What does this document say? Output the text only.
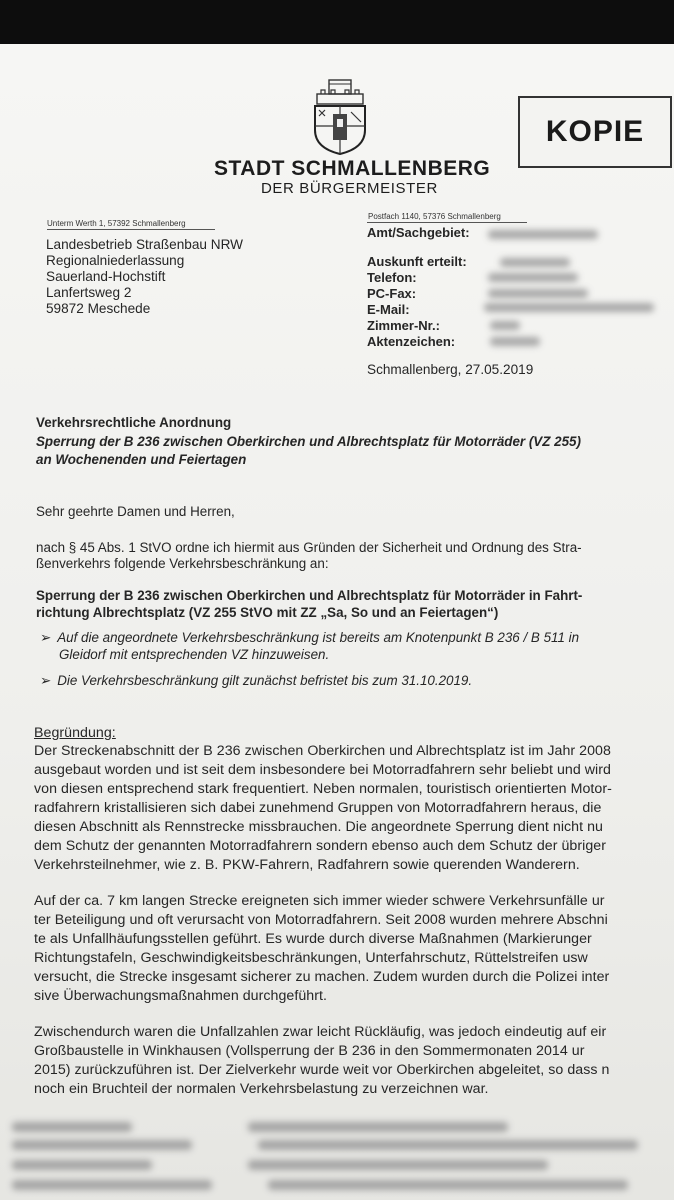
KOPIE
STADT SCHMALLENBERG
DER BÜRGERMEISTER
Unterm Werth 1, 57392 Schmallenberg
Postfach 1140, 57376 Schmallenberg
Landesbetrieb Straßenbau NRW
Regionalniederlassung
Sauerland-Hochstift
Lanfertsweg 2
59872 Meschede
Amt/Sachgebiet:
Auskunft erteilt:
Telefon:
PC-Fax:
E-Mail:
Zimmer-Nr.:
Aktenzeichen:
Schmallenberg, 27.05.2019
Verkehrsrechtliche Anordnung
Sperrung der B 236 zwischen Oberkirchen und Albrechtsplatz für Motorräder (VZ 255)
an Wochenenden und Feiertagen
Sehr geehrte Damen und Herren,
nach § 45 Abs. 1 StVO ordne ich hiermit aus Gründen der Sicherheit und Ordnung des Stra-
ßenverkehrs folgende Verkehrsbeschränkung an:
Sperrung der B 236 zwischen Oberkirchen und Albrechtsplatz für Motorräder in Fahrt-
richtung Albrechtsplatz (VZ 255 StVO mit ZZ „Sa, So und an Feiertagen“)
➢ Auf die angeordnete Verkehrsbeschränkung ist bereits am Knotenpunkt B 236 / B 511 in
Gleidorf mit entsprechenden VZ hinzuweisen.
➢ Die Verkehrsbeschränkung gilt zunächst befristet bis zum 31.10.2019.
Begründung:
Der Streckenabschnitt der B 236 zwischen Oberkirchen und Albrechtsplatz ist im Jahr 2008
ausgebaut worden und ist seit dem insbesondere bei Motorradfahrern sehr beliebt und wird
von diesen entsprechend stark frequentiert. Neben normalen, touristisch orientierten Motor-
radfahrern kristallisieren sich dabei zunehmend Gruppen von Motorradfahrern heraus, die
diesen Abschnitt als Rennstrecke missbrauchen. Die angeordnete Sperrung dient nicht nu
dem Schutz der genannten Motorradfahrern sondern ebenso auch dem Schutz der übriger
Verkehrsteilnehmer, wie z. B. PKW-Fahrern, Radfahrern sowie querenden Wanderern.
Auf der ca. 7 km langen Strecke ereigneten sich immer wieder schwere Verkehrsunfälle ur
ter Beteiligung und oft verursacht von Motorradfahrern. Seit 2008 wurden mehrere Abschni
te als Unfallhäufungsstellen geführt. Es wurde durch diverse Maßnahmen (Markierunger
Richtungstafeln, Geschwindigkeitsbeschränkungen, Unterfahrschutz, Rüttelstreifen usw
versucht, die Strecke insgesamt sicherer zu machen. Zudem wurden durch die Polizei inter
sive Überwachungsmaßnahmen durchgeführt.
Zwischendurch waren die Unfallzahlen zwar leicht Rückläufig, was jedoch eindeutig auf eir
Großbaustelle in Winkhausen (Vollsperrung der B 236 in den Sommermonaten 2014 ur
2015) zurückzuführen ist. Der Zielverkehr wurde weit vor Oberkirchen abgeleitet, so dass n
noch ein Bruchteil der normalen Verkehrsbelastung zu verzeichnen war.
